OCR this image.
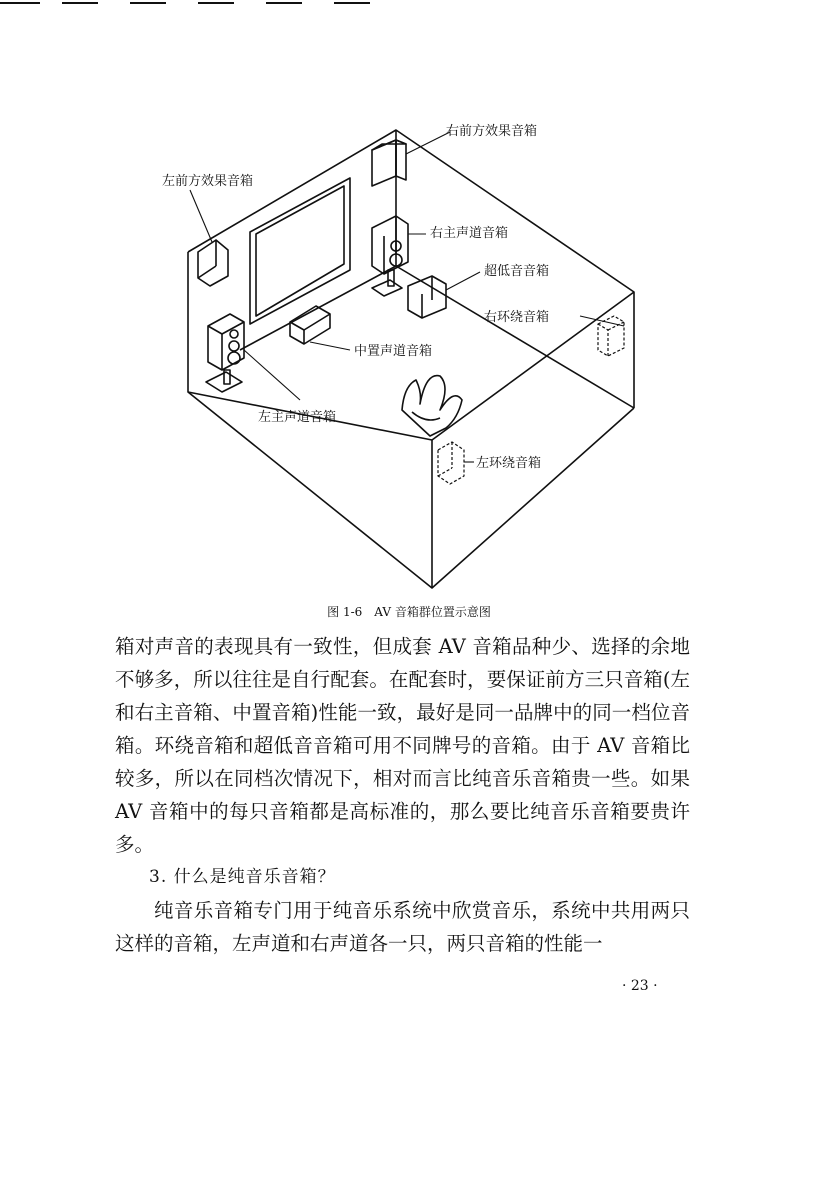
右前方效果音箱
左前方效果音箱
右主声道音箱
超低音音箱
右环绕音箱
中置声道音箱
左主声道音箱
左环绕音箱
图 1-6　AV 音箱群位置示意图

箱对声音的表现具有一致性，但成套 AV 音箱品种少、选择的余地不够多，所以往往是自行配套。在配套时，要保证前方三只音箱(左和右主音箱、中置音箱)性能一致，最好是同一品牌中的同一档位音箱。环绕音箱和超低音音箱可用不同牌号的音箱。由于 AV 音箱比较多，所以在同档次情况下，相对而言比纯音乐音箱贵一些。如果 AV 音箱中的每只音箱都是高标准的，那么要比纯音乐音箱要贵许多。

3. 什么是纯音乐音箱？

纯音乐音箱专门用于纯音乐系统中欣赏音乐，系统中共用两只这样的音箱，左声道和右声道各一只，两只音箱的性能一

· 23 ·
